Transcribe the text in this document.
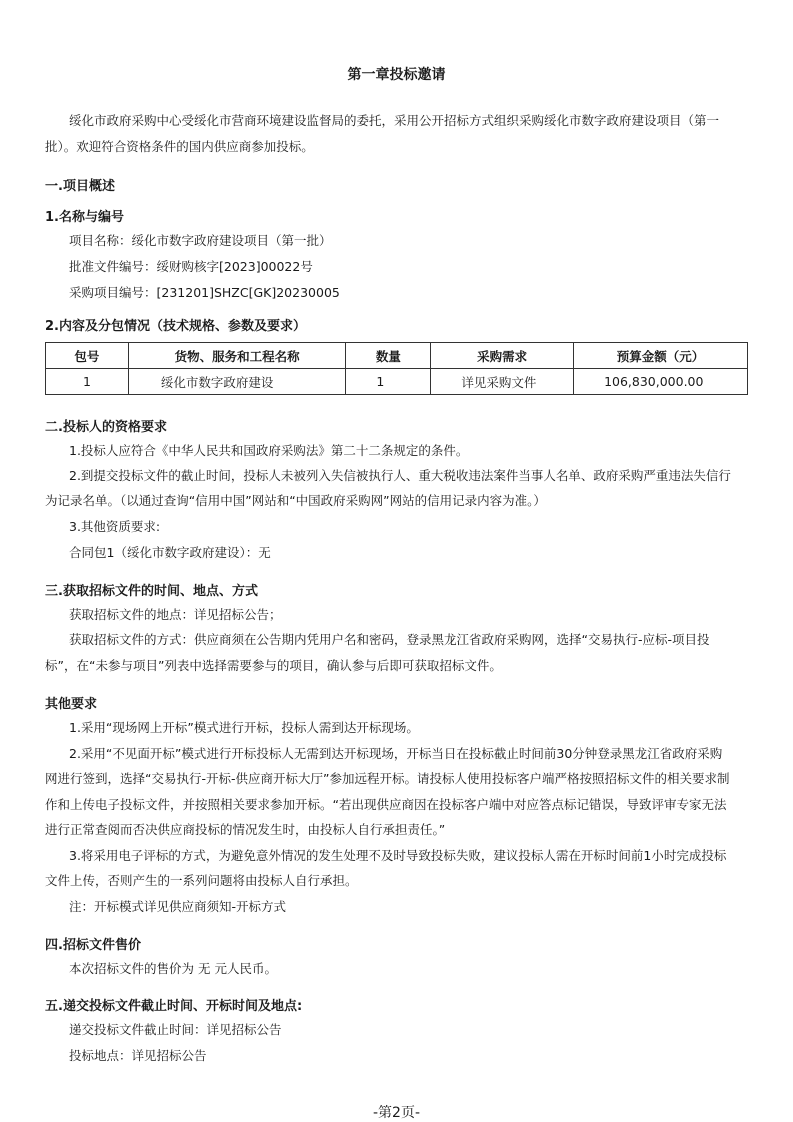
第一章投标邀请
绥化市政府采购中心受绥化市营商环境建设监督局的委托，采用公开招标方式组织采购绥化市数字政府建设项目（第一
批）。欢迎符合资格条件的国内供应商参加投标。
一.项目概述
1.名称与编号
项目名称：绥化市数字政府建设项目（第一批）
批准文件编号：绥财购核字[2023]00022号
采购项目编号：[231201]SHZC[GK]20230005
2.内容及分包情况（技术规格、参数及要求）
包号	货物、服务和工程名称	数量	采购需求	预算金额（元）
1	绥化市数字政府建设	1	详见采购文件	106,830,000.00
二.投标人的资格要求
1.投标人应符合《中华人民共和国政府采购法》第二十二条规定的条件。
2.到提交投标文件的截止时间，投标人未被列入失信被执行人、重大税收违法案件当事人名单、政府采购严重违法失信行
为记录名单。（以通过查询“信用中国”网站和“中国政府采购网”网站的信用记录内容为准。）
3.其他资质要求:
合同包1（绥化市数字政府建设）：无
三.获取招标文件的时间、地点、方式
获取招标文件的地点：详见招标公告；
获取招标文件的方式：供应商须在公告期内凭用户名和密码，登录黑龙江省政府采购网，选择“交易执行-应标-项目投
标”，在“未参与项目”列表中选择需要参与的项目，确认参与后即可获取招标文件。
其他要求
1.采用“现场网上开标”模式进行开标，投标人需到达开标现场。
2.采用“不见面开标”模式进行开标投标人无需到达开标现场，开标当日在投标截止时间前30分钟登录黑龙江省政府采购
网进行签到，选择“交易执行-开标-供应商开标大厅”参加远程开标。请投标人使用投标客户端严格按照招标文件的相关要求制
作和上传电子投标文件，并按照相关要求参加开标。“若出现供应商因在投标客户端中对应答点标记错误，导致评审专家无法
进行正常查阅而否决供应商投标的情况发生时，由投标人自行承担责任。”
3.将采用电子评标的方式，为避免意外情况的发生处理不及时导致投标失败，建议投标人需在开标时间前1小时完成投标
文件上传，否则产生的一系列问题将由投标人自行承担。
注：开标模式详见供应商须知-开标方式
四.招标文件售价
本次招标文件的售价为 无 元人民币。
五.递交投标文件截止时间、开标时间及地点:
递交投标文件截止时间：详见招标公告
投标地点：详见招标公告
-第2页-
